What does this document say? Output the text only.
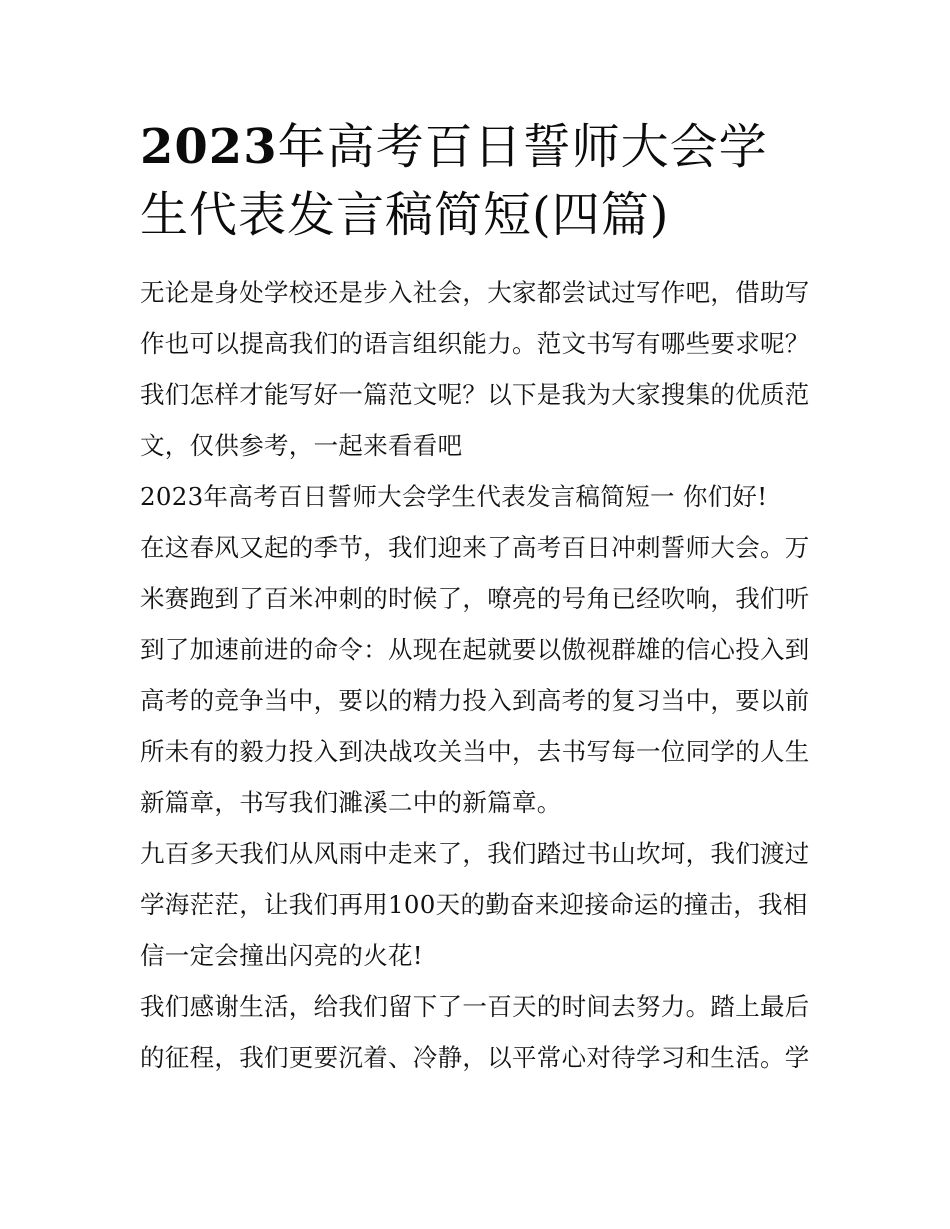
2023年高考百日誓师大会学生代表发言稿简短(四篇)

无论是身处学校还是步入社会，大家都尝试过写作吧，借助写作也可以提高我们的语言组织能力。范文书写有哪些要求呢？我们怎样才能写好一篇范文呢？以下是我为大家搜集的优质范文，仅供参考，一起来看看吧

2023年高考百日誓师大会学生代表发言稿简短一 你们好!

在这春风又起的季节，我们迎来了高考百日冲刺誓师大会。万米赛跑到了百米冲刺的时候了，嘹亮的号角已经吹响，我们听到了加速前进的命令：从现在起就要以傲视群雄的信心投入到高考的竞争当中，要以的精力投入到高考的复习当中，要以前所未有的毅力投入到决战攻关当中，去书写每一位同学的人生新篇章，书写我们濉溪二中的新篇章。

九百多天我们从风雨中走来了，我们踏过书山坎坷，我们渡过学海茫茫，让我们再用100天的勤奋来迎接命运的撞击，我相信一定会撞出闪亮的火花!

我们感谢生活，给我们留下了一百天的时间去努力。踏上最后的征程，我们更要沉着、冷静，以平常心对待学习和生活。学
